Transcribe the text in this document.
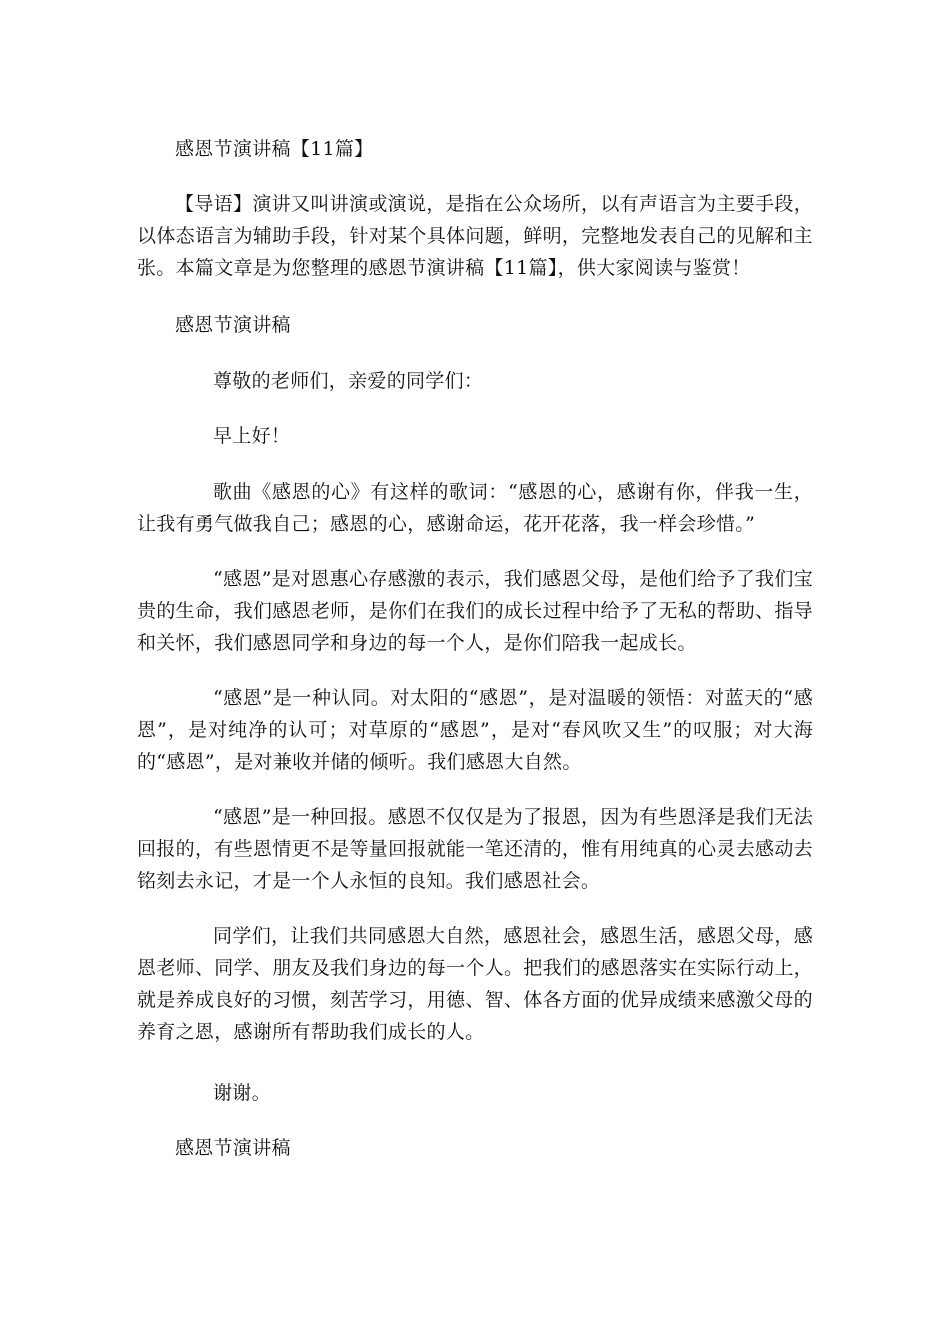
感恩节演讲稿【11篇】
【导语】演讲又叫讲演或演说，是指在公众场所，以有声语言为主要手段，以体态语言为辅助手段，针对某个具体问题，鲜明，完整地发表自己的见解和主张。本篇文章是为您整理的感恩节演讲稿【11篇】，供大家阅读与鉴赏！
感恩节演讲稿
尊敬的老师们，亲爱的同学们：
早上好！
歌曲《感恩的心》有这样的歌词：“感恩的心，感谢有你，伴我一生，让我有勇气做我自己；感恩的心，感谢命运，花开花落，我一样会珍惜。”
“感恩”是对恩惠心存感激的表示，我们感恩父母，是他们给予了我们宝贵的生命，我们感恩老师，是你们在我们的成长过程中给予了无私的帮助、指导和关怀，我们感恩同学和身边的每一个人，是你们陪我一起成长。
“感恩”是一种认同。对太阳的“感恩”，是对温暖的领悟：对蓝天的“感恩”，是对纯净的认可；对草原的“感恩”，是对“春风吹又生”的叹服；对大海的“感恩”，是对兼收并储的倾听。我们感恩大自然。
“感恩”是一种回报。感恩不仅仅是为了报恩，因为有些恩泽是我们无法回报的，有些恩情更不是等量回报就能一笔还清的，惟有用纯真的心灵去感动去铭刻去永记，才是一个人永恒的良知。我们感恩社会。
同学们，让我们共同感恩大自然，感恩社会，感恩生活，感恩父母，感恩老师、同学、朋友及我们身边的每一个人。把我们的感恩落实在实际行动上，就是养成良好的习惯，刻苦学习，用德、智、体各方面的优异成绩来感激父母的养育之恩，感谢所有帮助我们成长的人。
谢谢。
感恩节演讲稿
